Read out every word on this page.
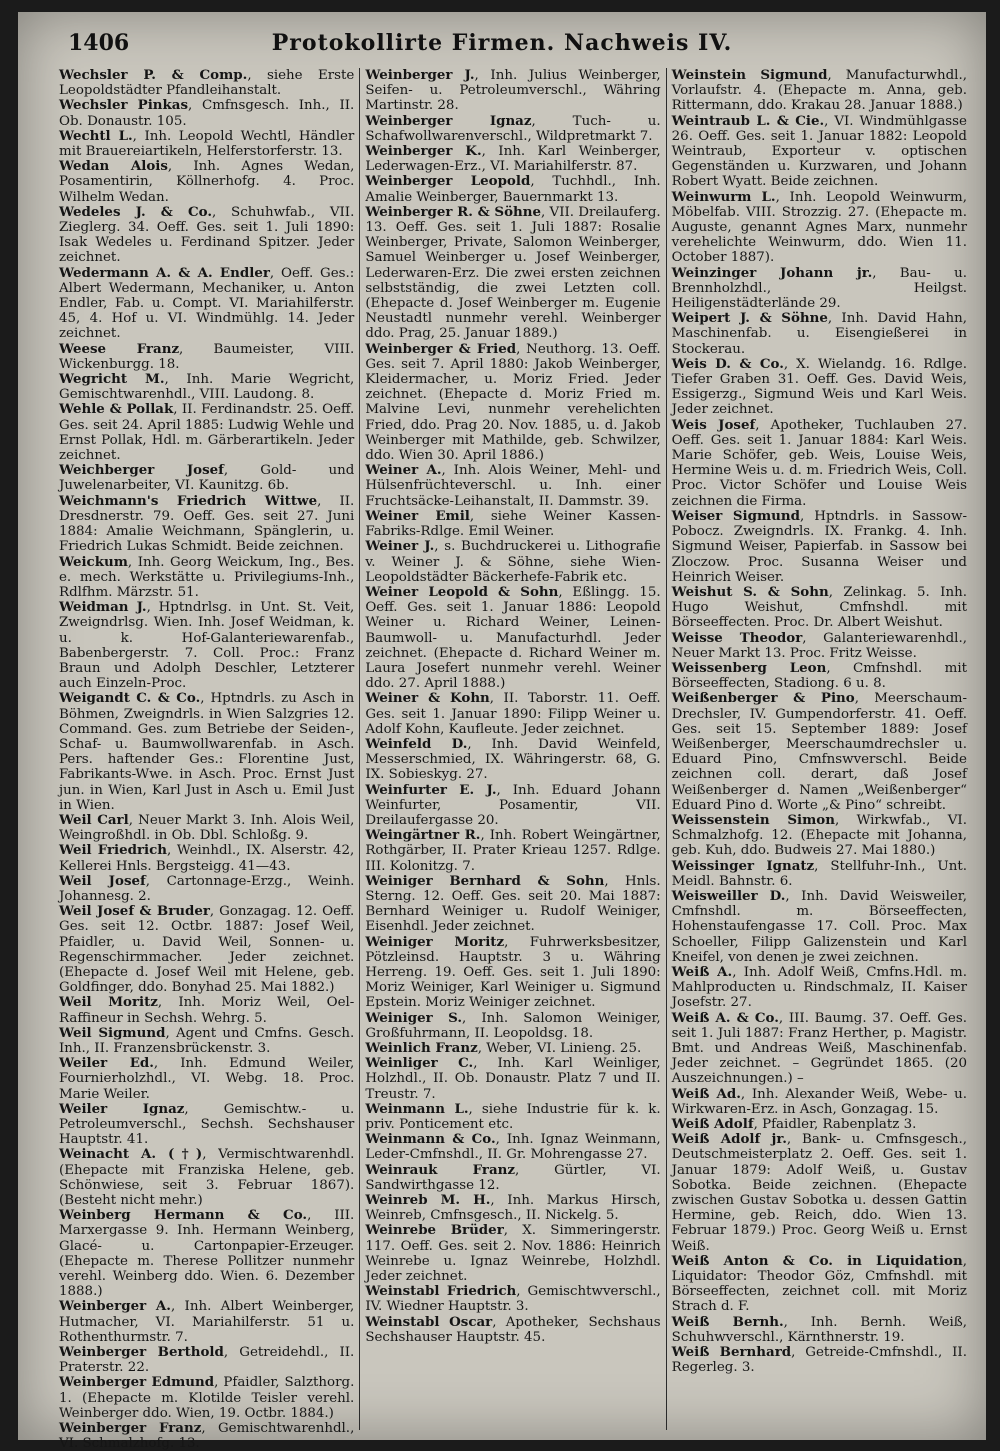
1406	Protokollirte Firmen. Nachweis IV.

Wechsler P. & Comp., siehe Erste Leopoldstädter Pfandleihanstalt.

Wechsler Pinkas, Cmfnsgesch. Inh., II. Ob. Donaustr. 105.

Wechtl L., Inh. Leopold Wechtl, Händler mit Brauereiartikeln, Helferstorferstr. 13.

Wedan Alois, Inh. Agnes Wedan, Posamentirin, Köllnerhofg. 4. Proc. Wilhelm Wedan.

Wedeles J. & Co., Schuhwfab., VII. Zieglerg. 34. Oeff. Ges. seit 1. Juli 1890: Isak Wedeles u. Ferdinand Spitzer. Jeder zeichnet.

Wedermann A. & A. Endler, Oeff. Ges.: Albert Wedermann, Mechaniker, u. Anton Endler, Fab. u. Compt. VI. Mariahilferstr. 45, 4. Hof u. VI. Windmühlg. 14. Jeder zeichnet.

Weese Franz, Baumeister, VIII. Wickenburgg. 18.

Wegricht M., Inh. Marie Wegricht, Gemischtwarenhdl., VIII. Laudong. 8.

Wehle & Pollak, II. Ferdinandstr. 25. Oeff. Ges. seit 24. April 1885: Ludwig Wehle und Ernst Pollak, Hdl. m. Gärberartikeln. Jeder zeichnet.

Weichberger Josef, Gold- und Juwelenarbeiter, VI. Kaunitzg. 6b.

Weichmann's Friedrich Wittwe, II. Dresdnerstr. 79. Oeff. Ges. seit 27. Juni 1884: Amalie Weichmann, Spänglerin, u. Friedrich Lukas Schmidt. Beide zeichnen.

Weickum, Inh. Georg Weickum, Ing., Bes. e. mech. Werkstätte u. Privilegiums-Inh., Rdlfhm. Märzstr. 51.

Weidman J., Hptndrlsg. in Unt. St. Veit, Zweigndrlsg. Wien. Inh. Josef Weidman, k. u. k. Hof-Galanteriewarenfab., Babenbergerstr. 7. Coll. Proc.: Franz Braun und Adolph Deschler, Letzterer auch Einzeln-Proc.

Weigandt C. & Co., Hptndrls. zu Asch in Böhmen, Zweigndrls. in Wien Salzgries 12. Command. Ges. zum Betriebe der Seiden-, Schaf- u. Baumwollwarenfab. in Asch. Pers. haftender Ges.: Florentine Just, Fabrikants-Wwe. in Asch. Proc. Ernst Just jun. in Wien, Karl Just in Asch u. Emil Just in Wien.

Weil Carl, Neuer Markt 3. Inh. Alois Weil, Weingroßhdl. in Ob. Dbl. Schloßg. 9.

Weil Friedrich, Weinhdl., IX. Alserstr. 42, Kellerei Hnls. Bergsteigg. 41—43.

Weil Josef, Cartonnage-Erzg., Weinh. Johannesg. 2.

Weil Josef & Bruder, Gonzagag. 12. Oeff. Ges. seit 12. Octbr. 1887: Josef Weil, Pfaidler, u. David Weil, Sonnen- u. Regenschirmmacher. Jeder zeichnet. (Ehepacte d. Josef Weil mit Helene, geb. Goldfinger, ddo. Bonyhad 25. Mai 1882.)

Weil Moritz, Inh. Moriz Weil, Oel-Raffineur in Sechsh. Wehrg. 5.

Weil Sigmund, Agent und Cmfns. Gesch. Inh., II. Franzensbrückenstr. 3.

Weiler Ed., Inh. Edmund Weiler, Fournierholzhdl., VI. Webg. 18. Proc. Marie Weiler.

Weiler Ignaz, Gemischtw.- u. Petroleumverschl., Sechsh. Sechshauser Hauptstr. 41.

Weinacht A. (†), Vermischtwarenhdl. (Ehepacte mit Franziska Helene, geb. Schönwiese, seit 3. Februar 1867). (Besteht nicht mehr.)

Weinberg Hermann & Co., III. Marxergasse 9. Inh. Hermann Weinberg, Glacé- u. Cartonpapier-Erzeuger. (Ehepacte m. Therese Pollitzer nunmehr verehl. Weinberg ddo. Wien. 6. Dezember 1888.)

Weinberger A., Inh. Albert Weinberger, Hutmacher, VI. Mariahilferstr. 51 u. Rothenthurmstr. 7.

Weinberger Berthold, Getreidehdl., II. Praterstr. 22.

Weinberger Edmund, Pfaidler, Salzthorg. 1. (Ehepacte m. Klotilde Teisler verehl. Weinberger ddo. Wien, 19. Octbr. 1884.)

Weinberger Franz, Gemischtwarenhdl., VI. Schmalzhofg. 13.

Weinberger J., Inh. Julius Weinberger, Seifen- u. Petroleumverschl., Währing Martinstr. 28.

Weinberger Ignaz, Tuch- u. Schafwollwarenverschl., Wildpretmarkt 7.

Weinberger K., Inh. Karl Weinberger, Lederwagen-Erz., VI. Mariahilferstr. 87.

Weinberger Leopold, Tuchhdl., Inh. Amalie Weinberger, Bauernmarkt 13.

Weinberger R. & Söhne, VII. Dreilauferg. 13. Oeff. Ges. seit 1. Juli 1887: Rosalie Weinberger, Private, Salomon Weinberger, Samuel Weinberger u. Josef Weinberger, Lederwaren-Erz. Die zwei ersten zeichnen selbstständig, die zwei Letzten coll. (Ehepacte d. Josef Weinberger m. Eugenie Neustadtl nunmehr verehl. Weinberger ddo. Prag, 25. Januar 1889.)

Weinberger & Fried, Neuthorg. 13. Oeff. Ges. seit 7. April 1880: Jakob Weinberger, Kleidermacher, u. Moriz Fried. Jeder zeichnet. (Ehepacte d. Moriz Fried m. Malvine Levi, nunmehr verehelichten Fried, ddo. Prag 20. Nov. 1885, u. d. Jakob Weinberger mit Mathilde, geb. Schwilzer, ddo. Wien 30. April 1886.)

Weiner A., Inh. Alois Weiner, Mehl- und Hülsenfrüchteverschl. u. Inh. einer Fruchtsäcke-Leihanstalt, II. Dammstr. 39.

Weiner Emil, siehe Weiner Kassen-Fabriks-Rdlge. Emil Weiner.

Weiner J., s. Buchdruckerei u. Lithografie v. Weiner J. & Söhne, siehe Wien-Leopoldstädter Bäckerhefe-Fabrik etc.

Weiner Leopold & Sohn, Eßlingg. 15. Oeff. Ges. seit 1. Januar 1886: Leopold Weiner u. Richard Weiner, Leinen- Baumwoll- u. Manufacturhdl. Jeder zeichnet. (Ehepacte d. Richard Weiner m. Laura Josefert nunmehr verehl. Weiner ddo. 27. April 1888.)

Weiner & Kohn, II. Taborstr. 11. Oeff. Ges. seit 1. Januar 1890: Filipp Weiner u. Adolf Kohn, Kaufleute. Jeder zeichnet.

Weinfeld D., Inh. David Weinfeld, Messerschmied, IX. Währingerstr. 68, G. IX. Sobieskyg. 27.

Weinfurter E. J., Inh. Eduard Johann Weinfurter, Posamentir, VII. Dreilaufergasse 20.

Weingärtner R., Inh. Robert Weingärtner, Rothgärber, II. Prater Krieau 1257. Rdlge. III. Kolonitzg. 7.

Weiniger Bernhard & Sohn, Hnls. Sterng. 12. Oeff. Ges. seit 20. Mai 1887: Bernhard Weiniger u. Rudolf Weiniger, Eisenhdl. Jeder zeichnet.

Weiniger Moritz, Fuhrwerksbesitzer, Pötzleinsd. Hauptstr. 3 u. Währing Herreng. 19. Oeff. Ges. seit 1. Juli 1890: Moriz Weiniger, Karl Weiniger u. Sigmund Epstein. Moriz Weiniger zeichnet.

Weiniger S., Inh. Salomon Weiniger, Großfuhrmann, II. Leopoldsg. 18.

Weinlich Franz, Weber, VI. Linieng. 25.

Weinliger C., Inh. Karl Weinliger, Holzhdl., II. Ob. Donaustr. Platz 7 und II. Treustr. 7.

Weinmann L., siehe Industrie für k. k. priv. Ponticement etc.

Weinmann & Co., Inh. Ignaz Weinmann, Leder-Cmfnshdl., II. Gr. Mohrengasse 27.

Weinrauk Franz, Gürtler, VI. Sandwirthgasse 12.

Weinreb M. H., Inh. Markus Hirsch, Weinreb, Cmfnsgesch., II. Nickelg. 5.

Weinrebe Brüder, X. Simmeringerstr. 117. Oeff. Ges. seit 2. Nov. 1886: Heinrich Weinrebe u. Ignaz Weinrebe, Holzhdl. Jeder zeichnet.

Weinstabl Friedrich, Gemischtwverschl., IV. Wiedner Hauptstr. 3.

Weinstabl Oscar, Apotheker, Sechshaus Sechshauser Hauptstr. 45.

Weinstein Sigmund, Manufacturwhdl., Vorlaufstr. 4. (Ehepacte m. Anna, geb. Rittermann, ddo. Krakau 28. Januar 1888.)

Weintraub L. & Cie., VI. Windmühlgasse 26. Oeff. Ges. seit 1. Januar 1882: Leopold Weintraub, Exporteur v. optischen Gegenständen u. Kurzwaren, und Johann Robert Wyatt. Beide zeichnen.

Weinwurm L., Inh. Leopold Weinwurm, Möbelfab. VIII. Strozzig. 27. (Ehepacte m. Auguste, genannt Agnes Marx, nunmehr verehelichte Weinwurm, ddo. Wien 11. October 1887).

Weinzinger Johann jr., Bau- u. Brennholzhdl., Heilgst. Heiligenstädterlände 29.

Weipert J. & Söhne, Inh. David Hahn, Maschinenfab. u. Eisengießerei in Stockerau.

Weis D. & Co., X. Wielandg. 16. Rdlge. Tiefer Graben 31. Oeff. Ges. David Weis, Essigerzg., Sigmund Weis und Karl Weis. Jeder zeichnet.

Weis Josef, Apotheker, Tuchlauben 27. Oeff. Ges. seit 1. Januar 1884: Karl Weis. Marie Schöfer, geb. Weis, Louise Weis, Hermine Weis u. d. m. Friedrich Weis, Coll. Proc. Victor Schöfer und Louise Weis zeichnen die Firma.

Weiser Sigmund, Hptndrls. in Sassow-Pobocz. Zweigndrls. IX. Frankg. 4. Inh. Sigmund Weiser, Papierfab. in Sassow bei Zloczow. Proc. Susanna Weiser und Heinrich Weiser.

Weishut S. & Sohn, Zelinkag. 5. Inh. Hugo Weishut, Cmfnshdl. mit Börseeffecten. Proc. Dr. Albert Weishut.

Weisse Theodor, Galanteriewarenhdl., Neuer Markt 13. Proc. Fritz Weisse.

Weissenberg Leon, Cmfnshdl. mit Börseeffecten, Stadiong. 6 u. 8.

Weißenberger & Pino, Meerschaum-Drechsler, IV. Gumpendorferstr. 41. Oeff. Ges. seit 15. September 1889: Josef Weißenberger, Meerschaumdrechsler u. Eduard Pino, Cmfnswverschl. Beide zeichnen coll. derart, daß Josef Weißenberger d. Namen „Weißenberger“ Eduard Pino d. Worte „& Pino“ schreibt.

Weissenstein Simon, Wirkwfab., VI. Schmalzhofg. 12. (Ehepacte mit Johanna, geb. Kuh, ddo. Budweis 27. Mai 1880.)

Weissinger Ignatz, Stellfuhr-Inh., Unt. Meidl. Bahnstr. 6.

Weisweiller D., Inh. David Weisweiler, Cmfnshdl. m. Börseeffecten, Hohenstaufengasse 17. Coll. Proc. Max Schoeller, Filipp Galizenstein und Karl Kneifel, von denen je zwei zeichnen.

Weiß A., Inh. Adolf Weiß, Cmfns.Hdl. m. Mahlproducten u. Rindschmalz, II. Kaiser Josefstr. 27.

Weiß A. & Co., III. Baumg. 37. Oeff. Ges. seit 1. Juli 1887: Franz Herther, p. Magistr. Bmt. und Andreas Weiß, Maschinenfab. Jeder zeichnet. – Gegründet 1865. (20 Auszeichnungen.) –

Weiß Ad., Inh. Alexander Weiß, Webe- u. Wirkwaren-Erz. in Asch, Gonzagag. 15.

Weiß Adolf, Pfaidler, Rabenplatz 3.

Weiß Adolf jr., Bank- u. Cmfnsgesch., Deutschmeisterplatz 2. Oeff. Ges. seit 1. Januar 1879: Adolf Weiß, u. Gustav Sobotka. Beide zeichnen. (Ehepacte zwischen Gustav Sobotka u. dessen Gattin Hermine, geb. Reich, ddo. Wien 13. Februar 1879.) Proc. Georg Weiß u. Ernst Weiß.

Weiß Anton & Co. in Liquidation, Liquidator: Theodor Göz, Cmfnshdl. mit Börseeffecten, zeichnet coll. mit Moriz Strach d. F.

Weiß Bernh., Inh. Bernh. Weiß, Schuhwverschl., Kärnthnerstr. 19.

Weiß Bernhard, Getreide-Cmfnshdl., II. Regerleg. 3.
